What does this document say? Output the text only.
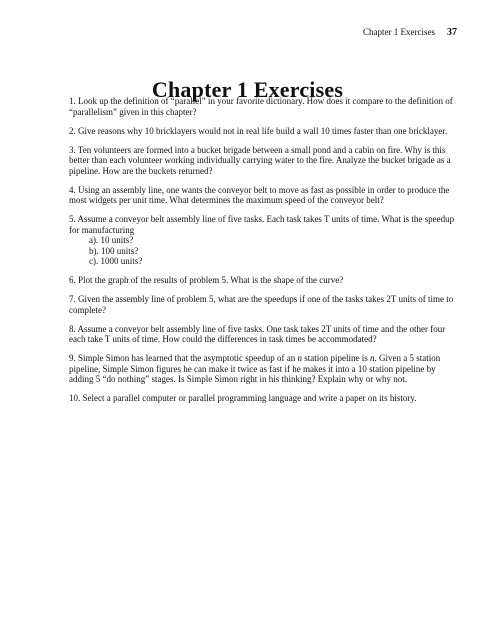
Chapter 1 Exercises 37
Chapter 1 Exercises
1. Look up the definition of “parallel” in your favorite dictionary. How does it compare to the definition of “parallelism” given in this chapter?
2. Give reasons why 10 bricklayers would not in real life build a wall 10 times faster than one bricklayer.
3. Ten volunteers are formed into a bucket brigade between a small pond and a cabin on fire. Why is this better than each volunteer working individually carrying water to the fire. Analyze the bucket brigade as a pipeline. How are the buckets returned?
4. Using an assembly line, one wants the conveyor belt to move as fast as possible in order to produce the most widgets per unit time. What determines the maximum speed of the conveyor belt?
5. Assume a conveyor belt assembly line of five tasks. Each task takes T units of time. What is the speedup for manufacturing
a). 10 units?
b). 100 units?
c). 1000 units?
6. Plot the graph of the results of problem 5. What is the shape of the curve?
7. Given the assembly line of problem 5, what are the speedups if one of the tasks takes 2T units of time to complete?
8. Assume a conveyor belt assembly line of five tasks. One task takes 2T units of time and the other four each take T units of time. How could the differences in task times be accommodated?
9. Simple Simon has learned that the asymptotic speedup of an n station pipeline is n. Given a 5 station pipeline, Simple Simon figures he can make it twice as fast if he makes it into a 10 station pipeline by adding 5 “do nothing” stages. Is Simple Simon right in his thinking? Explain why or why not.
10. Select a parallel computer or parallel programming language and write a paper on its history.
